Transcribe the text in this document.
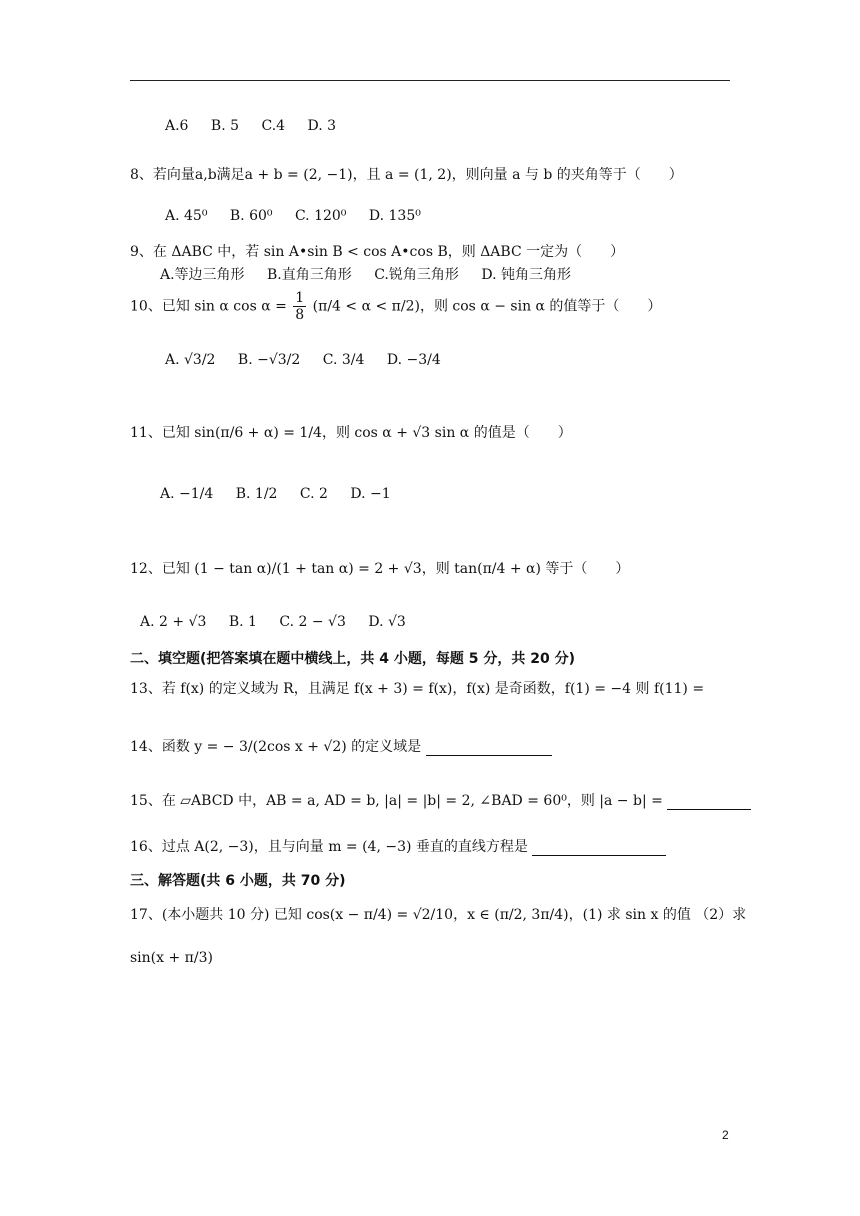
A.6 B. 5 C.4 D. 3
8、若向量a,b满足a + b = (2, −1)，且 a = (1, 2)，则向量 a 与 b 的夹角等于（　　）
A. 45⁰ B. 60⁰ C. 120⁰ D. 135⁰
9、在 ΔABC 中，若 sin A•sin B < cos A•cos B，则 ΔABC 一定为（　　）
A.等边三角形 B.直角三角形 C.锐角三角形 D. 钝角三角形
10、已知 sin α $\cos \alpha = \frac{1}{8} (\pi/4 < \alpha < \pi/2)$，则 cos α − sin α 的值等于（　　）
A. √3/2 B. −√3/2 C. 3/4 D. −3/4
11、已知 sin(π/6 + α) = 1/4，则 cos α + √3 sin α 的值是（　　）
A. −1/4 B. 1/2 C. 2 D. −1
12、已知 (1 − tan α)/(1 + tan α) = 2 + √3，则 tan(π/4 + α) 等于（　　）
A. 2 + √3 B. 1 C. 2 − √3 D. √3
二、填空题(把答案填在题中横线上，共 4 小题，每题 5 分，共 20 分)
13、若 f(x) 的定义域为 R，且满足 f(x + 3) = f(x)，f(x) 是奇函数，f(1) = −4 则 f(11) =
14、函数 y = − 3/(2cos x + √2) 的定义域是
15、在 ▱ABCD 中，AB = a, AD = b, |a| = |b| = 2, ∠BAD = 60⁰，则 |a − b| =
16、过点 A(2, −3)，且与向量 m = (4, −3) 垂直的直线方程是
三、解答题(共 6 小题，共 70 分)
17、(本小题共 10 分) 已知 cos(x − π/4) = √2/10，x ∈ (π/2, 3π/4)，(1) 求 sin x 的值 （2）求
sin(x + π/3)
2
